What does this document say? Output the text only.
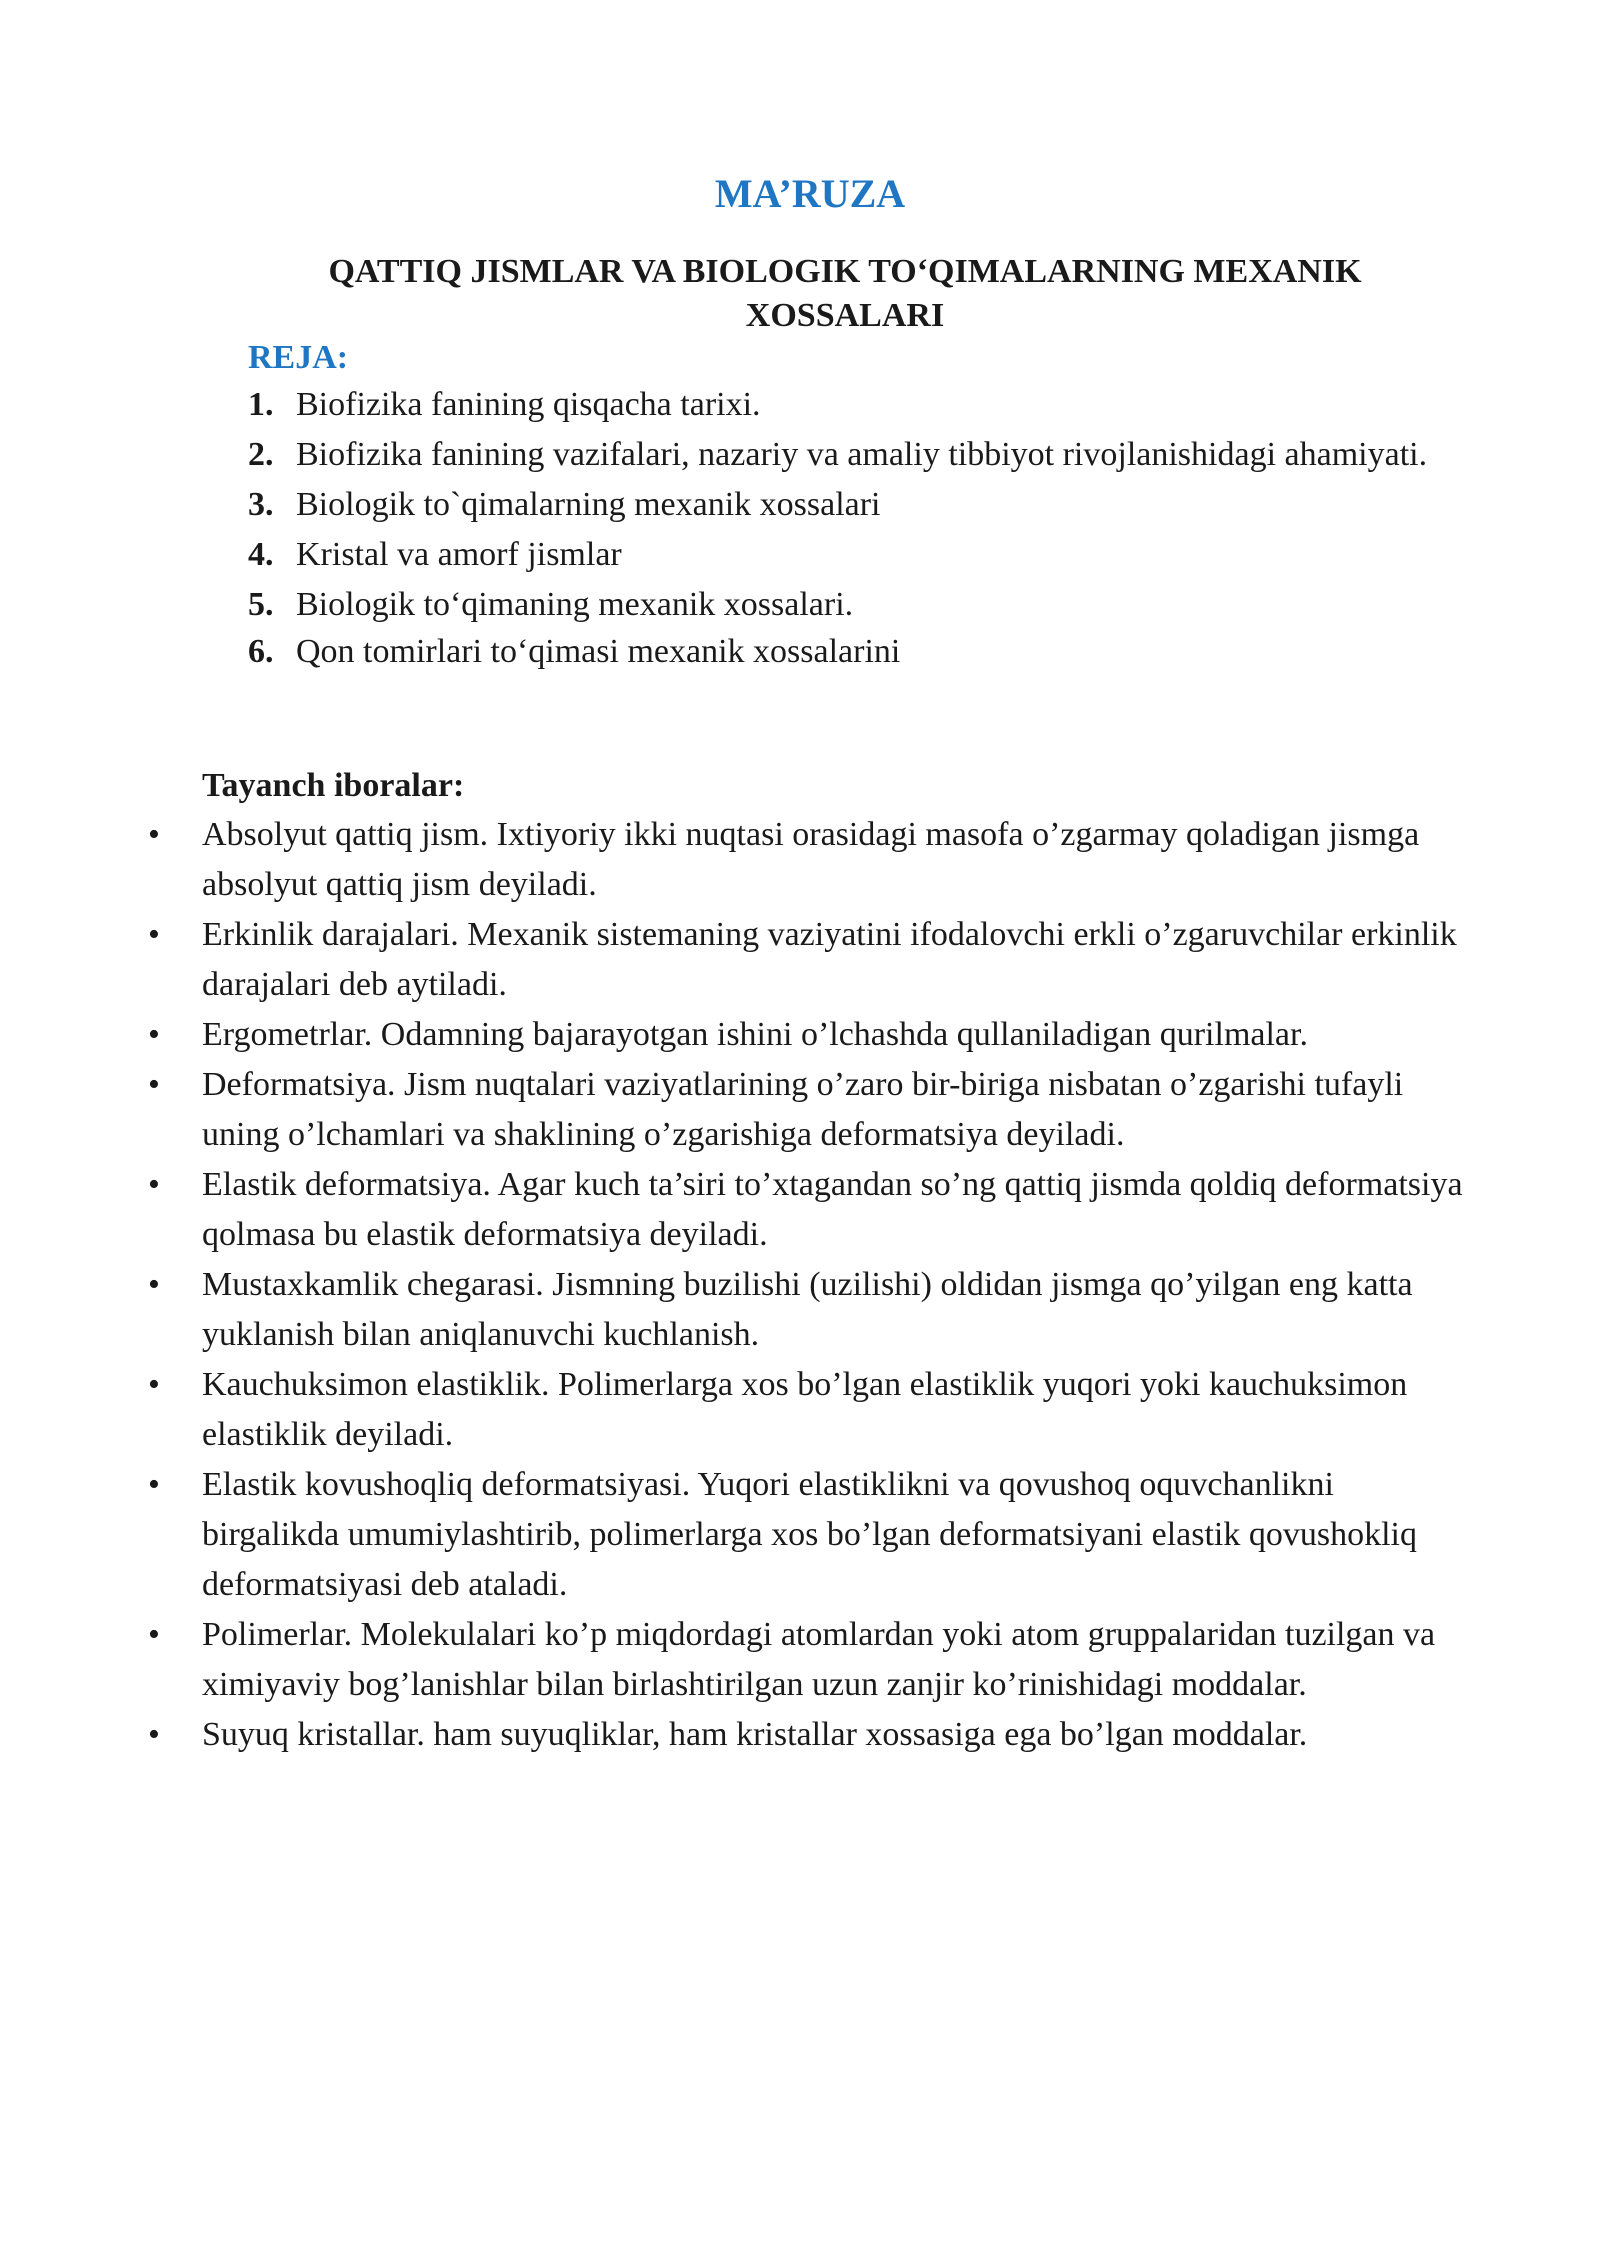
MA’RUZA
QATTIQ JISMLAR VA BIOLOGIK TO‘QIMALARNING MEXANIK XOSSALARI
REJA:
1. Biofizika fanining qisqacha tarixi.
2. Biofizika fanining vazifalari, nazariy va amaliy tibbiyot rivojlanishidagi ahamiyati.
3. Biologik to`qimalarning mexanik xossalari
4. Kristal va amorf jismlar
5. Biologik to‘qimaning mexanik xossalari.
6. Qon tomirlari to‘qimasi mexanik xossalarini
Tayanch iboralar:
•	Absolyut qattiq jism. Ixtiyoriy ikki nuqtasi orasidagi masofa o’zgarmay qoladigan jismga absolyut qattiq jism deyiladi.
•	Erkinlik darajalari. Mexanik sistemaning vaziyatini ifodalovchi erkli o’zgaruvchilar erkinlik darajalari deb aytiladi.
•	Ergometrlar. Odamning bajarayotgan ishini o’lchashda qullaniladigan qurilmalar.
•	Deformatsiya. Jism nuqtalari vaziyatlarining o’zaro bir-biriga nisbatan o’zgarishi tufayli uning o’lchamlari va shaklining o’zgarishiga deformatsiya deyiladi.
•	Elastik deformatsiya. Agar kuch ta’siri to’xtagandan so’ng qattiq jismda qoldiq deformatsiya qolmasa bu elastik deformatsiya deyiladi.
•	Mustaxkamlik chegarasi. Jismning buzilishi (uzilishi) oldidan jismga qo’yilgan eng katta yuklanish bilan aniqlanuvchi kuchlanish.
•	Kauchuksimon elastiklik. Polimerlarga xos bo’lgan elastiklik yuqori yoki kauchuksimon elastiklik deyiladi.
•	Elastik kovushoqliq deformatsiyasi. Yuqori elastiklikni va qovushoq oquvchanlikni birgalikda umumiylashtirib, polimerlarga xos bo’lgan deformatsiyani elastik qovushokliq deformatsiyasi deb ataladi.
•	Polimerlar. Molekulalari ko’p miqdordagi atomlardan yoki atom gruppalaridan tuzilgan va ximiyaviy bog’lanishlar bilan birlashtirilgan uzun zanjir ko’rinishidagi moddalar.
•	Suyuq kristallar. ham suyuqliklar, ham kristallar xossasiga ega bo’lgan moddalar.
